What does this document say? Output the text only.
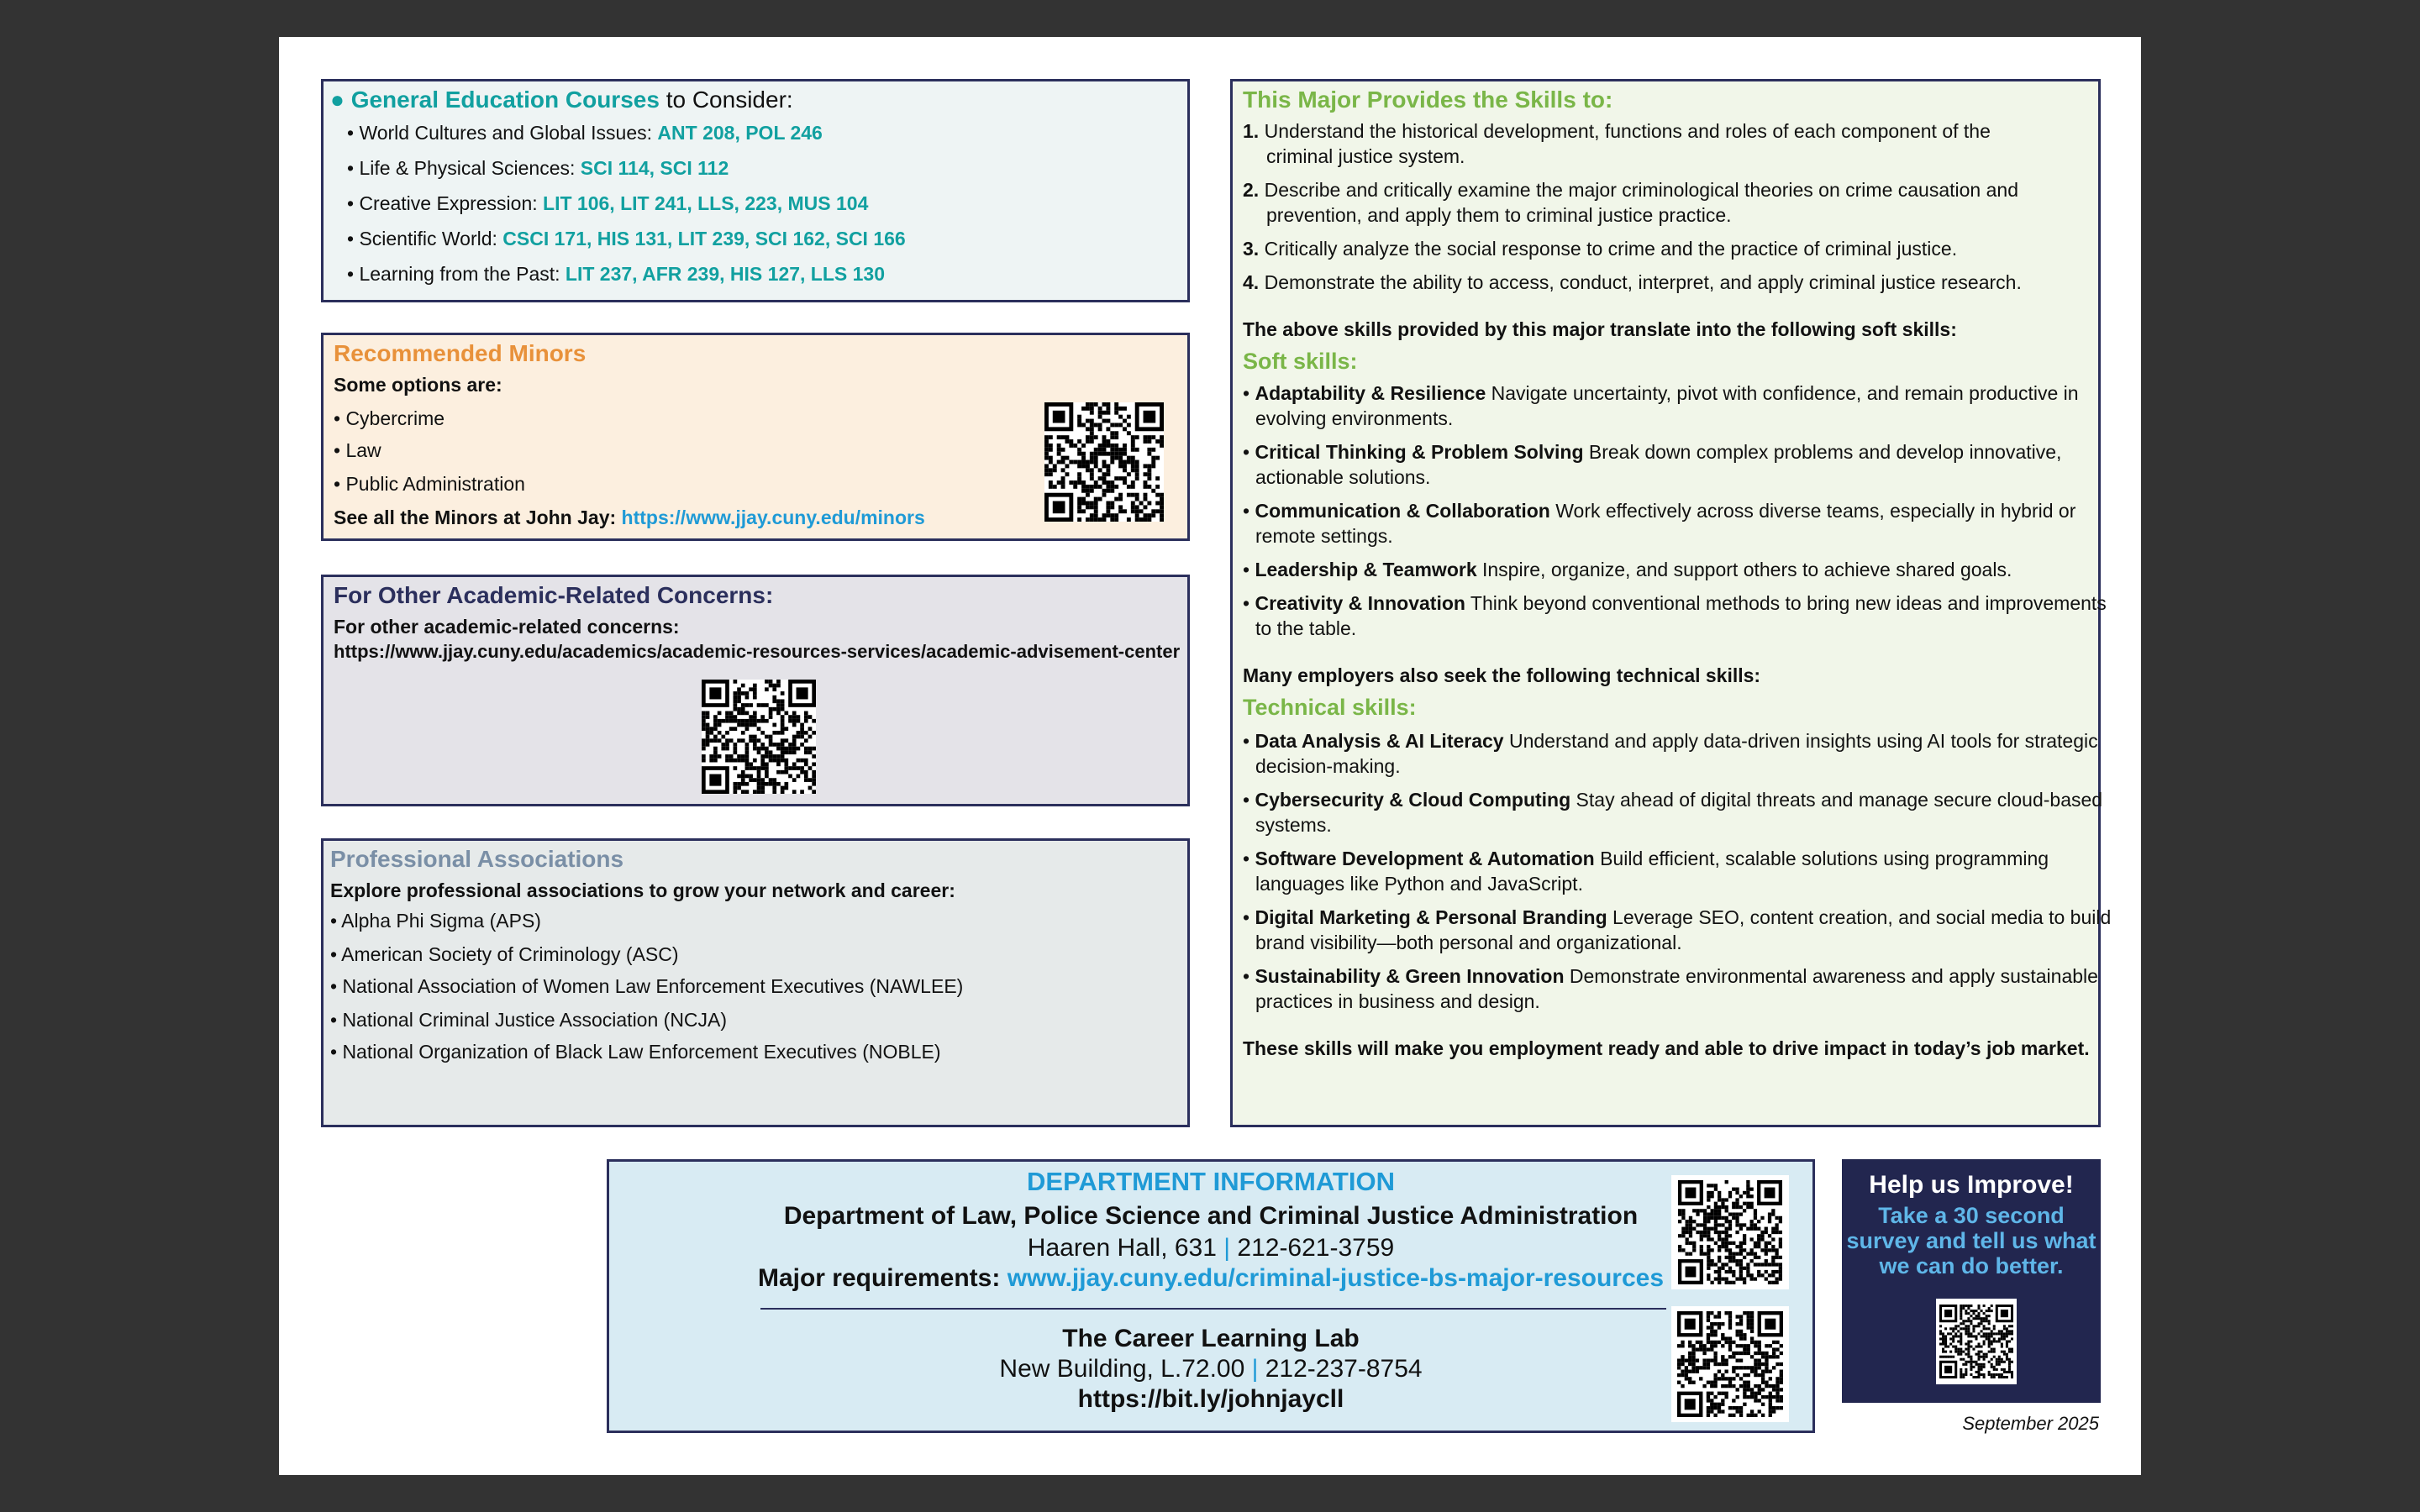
● General Education Courses to Consider:
• World Cultures and Global Issues: ANT 208, POL 246
• Life & Physical Sciences: SCI 114, SCI 112
• Creative Expression: LIT 106, LIT 241, LLS, 223, MUS 104
• Scientific World: CSCI 171, HIS 131, LIT 239, SCI 162, SCI 166
• Learning from the Past: LIT 237, AFR 239, HIS 127, LLS 130
Recommended Minors
Some options are:
• Cybercrime
• Law
• Public Administration
See all the Minors at John Jay: https://www.jjay.cuny.edu/minors
For Other Academic-Related Concerns:
For other academic-related concerns:
https://www.jjay.cuny.edu/academics/academic-resources-services/academic-advisement-center
Professional Associations
Explore professional associations to grow your network and career:
• Alpha Phi Sigma (APS)
• American Society of Criminology (ASC)
• National Association of Women Law Enforcement Executives (NAWLEE)
• National Criminal Justice Association (NCJA)
• National Organization of Black Law Enforcement Executives (NOBLE)
This Major Provides the Skills to:
1. Understand the historical development, functions and roles of each component of the
criminal justice system.
2. Describe and critically examine the major criminological theories on crime causation and
prevention, and apply them to criminal justice practice.
3. Critically analyze the social response to crime and the practice of criminal justice.
4. Demonstrate the ability to access, conduct, interpret, and apply criminal justice research.
The above skills provided by this major translate into the following soft skills:
Soft skills:
• Adaptability & Resilience Navigate uncertainty, pivot with confidence, and remain productive in
evolving environments.
• Critical Thinking & Problem Solving Break down complex problems and develop innovative,
actionable solutions.
• Communication & Collaboration Work effectively across diverse teams, especially in hybrid or
remote settings.
• Leadership & Teamwork Inspire, organize, and support others to achieve shared goals.
• Creativity & Innovation Think beyond conventional methods to bring new ideas and improvements
to the table.
Many employers also seek the following technical skills:
Technical skills:
• Data Analysis & AI Literacy Understand and apply data-driven insights using AI tools for strategic
decision-making.
• Cybersecurity & Cloud Computing Stay ahead of digital threats and manage secure cloud-based
systems.
• Software Development & Automation Build efficient, scalable solutions using programming
languages like Python and JavaScript.
• Digital Marketing & Personal Branding Leverage SEO, content creation, and social media to build
brand visibility—both personal and organizational.
• Sustainability & Green Innovation Demonstrate environmental awareness and apply sustainable
practices in business and design.
These skills will make you employment ready and able to drive impact in today’s job market.
DEPARTMENT INFORMATION
Department of Law, Police Science and Criminal Justice Administration
Haaren Hall, 631 | 212-621-3759
Major requirements: www.jjay.cuny.edu/criminal-justice-bs-major-resources
The Career Learning Lab
New Building, L.72.00 | 212-237-8754
https://bit.ly/johnjaycll
Help us Improve!
Take a 30 second
survey and tell us what
we can do better.
September 2025
